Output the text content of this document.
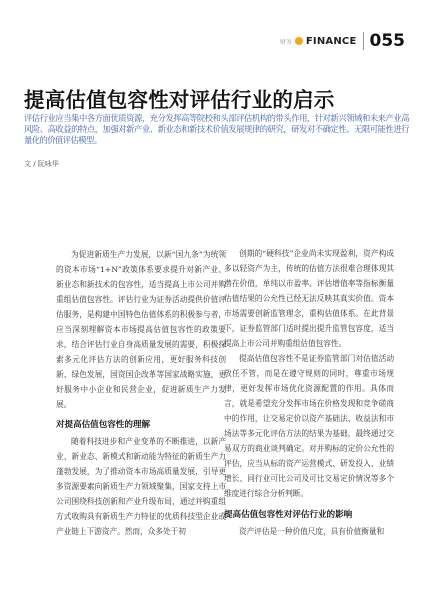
财务 FINANCE 055
提高估值包容性对评估行业的启示

评估行业应当集中各方面优质资源，充分发挥高等院校和头部评估机构的带头作用，针对新兴领域和未来产业高风险、高收益的特点，加强对新产业、新业态和新技术价值发展规律的研究，研发对不确定性、无限可能性进行量化的价值评估模型。

文 / 阮咏华

为促进新质生产力发展，以新“国九条”为统领的资本市场“1+N”政策体系要求提升对新产业、新业态和新技术的包容性，适当提高上市公司并购重组估值包容性。评估行业为证券活动提供价值评估服务，是构建中国特色估值体系的积极参与者，应当深刻理解资本市场提高估值包容性的政策要求，结合评估行业自身高质量发展的需要，积极探索多元化评估方法的创新应用，更好服务科技创新、绿色发展，国资国企改革等国家战略实施，更好服务中小企业和民营企业，促进新质生产力发展。

对提高估值包容性的理解

随着科技进步和产业变革的不断推进，以新产业、新业态、新模式和新动能为特征的新质生产力蓬勃发展，为了推动资本市场高质量发展，引导更多资源要素向新质生产力领域聚集，国家支持上市公司围绕科技创新和产业升级布局，通过并购重组方式收购具有新质生产力特征的优质科技型企业或产业链上下游资产。然而，众多处于初

创期的“硬科技”企业尚未实现盈利，资产构成多以轻资产为主，传统的估值方法很难合理体现其潜在价值，单纯以市盈率、评估增值率等指标衡量估值结果的公允性已经无法反映其真实价值。资本市场需要创新监管理念，重构估值体系。在此背景下，证券监管部门适时提出提升监管包容度，适当提高上市公司并购重组估值包容性。

提高估值包容性不是证券监管部门对估值活动放任不管，而是在遵守规则的同时，尊重市场规律，更好发挥市场优化资源配置的作用。具体而言，就是希望充分发挥市场在价格发现和竞争磋商中的作用，让交易定价以资产基础法、收益法和市场法等多元化评估方法的结果为基础，最终通过交易双方的商业谈判确定。对并购标的定价公允性的评估，应当从标的资产运营模式、研发投入、业绩增长、同行业可比公司及可比交易定价情况等多个维度进行综合分析判断。

提高估值包容性对评估行业的影响

资产评估是一种价值尺度，具有价值衡量和
